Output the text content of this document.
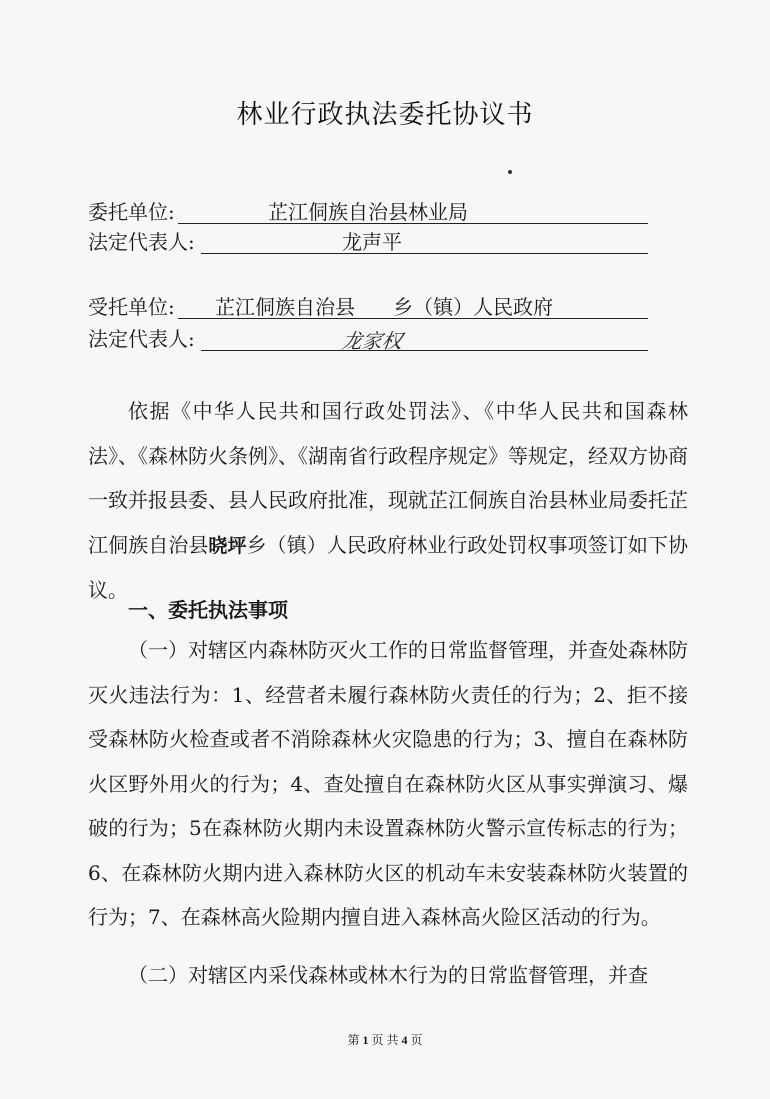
林业行政执法委托协议书
委托单位:	芷江侗族自治县林业局
法定代表人:	龙声平
受托单位: 芷江侗族自治县      乡（镇）人民政府
法定代表人:	龙家权

依据《中华人民共和国行政处罚法》、《中华人民共和国森林法》、《森林防火条例》、《湖南省行政程序规定》等规定，经双方协商一致并报县委、县人民政府批准，现就芷江侗族自治县林业局委托芷江侗族自治县晓坪乡（镇）人民政府林业行政处罚权事项签订如下协议。

一、委托执法事项

（一）对辖区内森林防灭火工作的日常监督管理，并查处森林防灭火违法行为：1、经营者未履行森林防火责任的行为；2、拒不接受森林防火检查或者不消除森林火灾隐患的行为；3、擅自在森林防火区野外用火的行为；4、查处擅自在森林防火区从事实弹演习、爆破的行为；5在森林防火期内未设置森林防火警示宣传标志的行为；6、在森林防火期内进入森林防火区的机动车未安装森林防火装置的行为；7、在森林高火险期内擅自进入森林高火险区活动的行为。

（二）对辖区内采伐森林或林木行为的日常监督管理，并查

第 1 页 共 4 页
